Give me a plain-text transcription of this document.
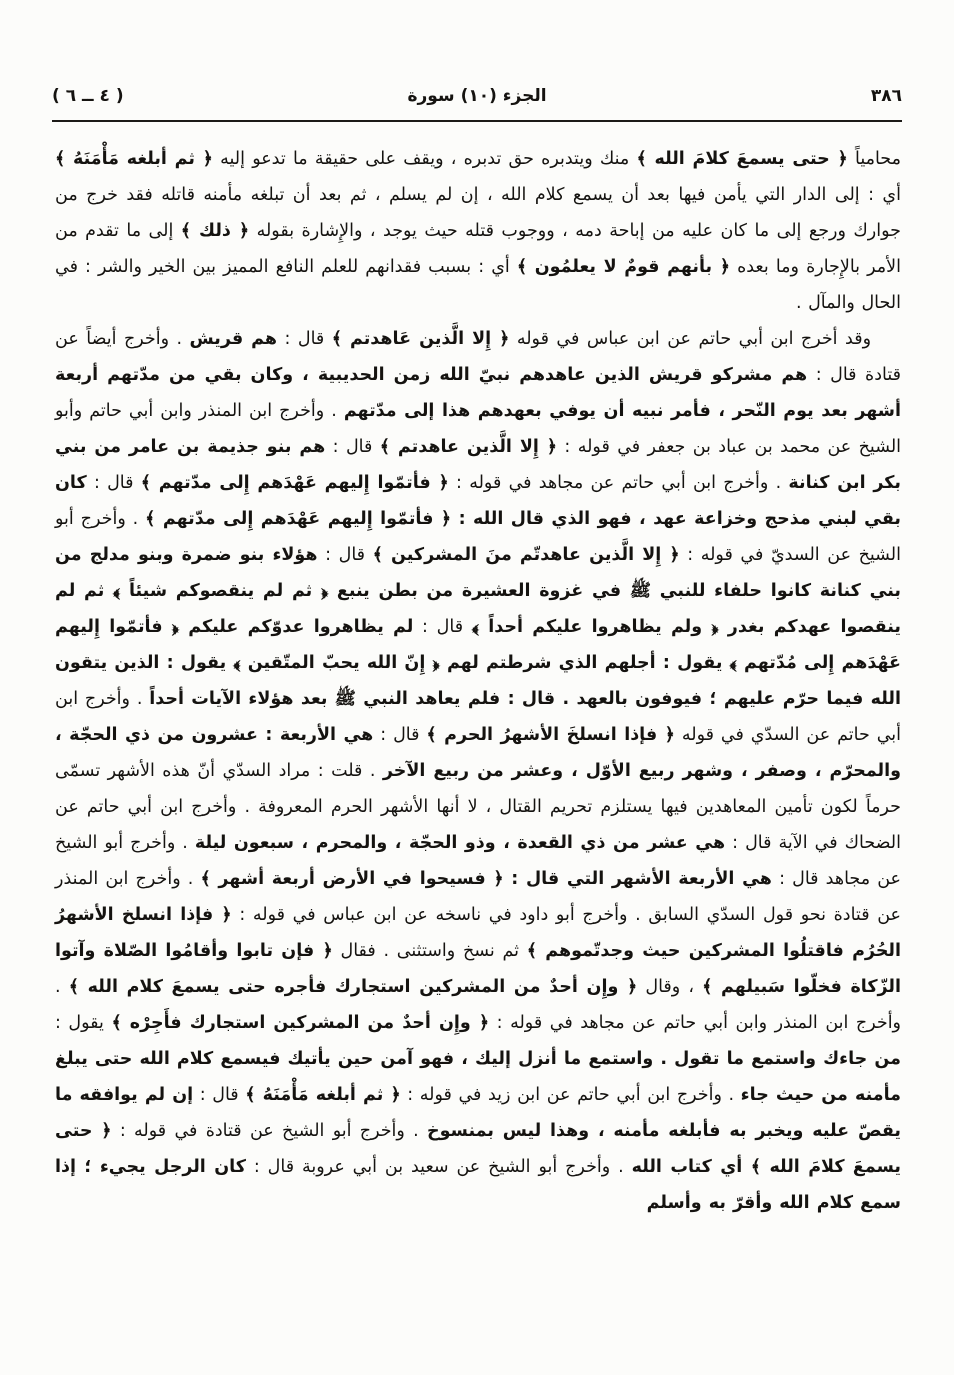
الجزء (١٠) سورة	٣٨٦
( ٦ ــ ٤ )

محامياً ﴿ حتى يسمعَ كلامَ الله ﴾ منك ويتدبره حق تدبره ، ويقف على حقيقة ما تدعو إليه ﴿ ثم أبلغه مَأْمَنَهُ ﴾ أي : إلى الدار التي يأمن فيها بعد أن يسمع كلام الله ، إن لم يسلم ، ثم بعد أن تبلغه مأمنه قاتله فقد خرج من جوارك ورجع إلى ما كان عليه من إباحة دمه ، ووجوب قتله حيث يوجد ، والإِشارة بقوله ﴿ ذلك ﴾ إلى ما تقدم من الأمر بالإِجارة وما بعده ﴿ بأنهم قومٌ لا يعلمُون ﴾ أي : بسبب فقدانهم للعلم النافع المميز بين الخير والشر : في الحال والمآل .

وقد أخرج ابن أبي حاتم عن ابن عباس في قوله ﴿ إِلا الَّذين عَاهدتم ﴾ قال : هم قريش . وأخرج أيضاً عن قتادة قال : هم مشركو قريش الذين عاهدهم نبيّ الله زمن الحديبية ، وكان بقي من مدّتهم أربعة أشهر بعد يوم النّحر ، فأمر نبيه أن يوفي بعهدهم هذا إلى مدّتهم . وأخرج ابن المنذر وابن أبي حاتم وأبو الشيخ عن محمد بن عباد بن جعفر في قوله : ﴿ إِلا الَّذين عاهدتم ﴾ قال : هم بنو جذيمة بن عامر من بني بكر ابن كنانة . وأخرج ابن أبي حاتم عن مجاهد في قوله : ﴿ فأتمّوا إِليهم عَهْدَهم إِلى مدّتهم ﴾ قال : كان بقي لبني مذحج وخزاعة عهد ، فهو الذي قال الله : ﴿ فأتمّوا إِليهم عَهْدَهم إِلى مدّتهم ﴾ . وأخرج أبو الشيخ عن السديّ في قوله : ﴿ إِلا الَّذين عاهدتّم منَ المشركين ﴾ قال : هؤلاء بنو ضمرة وبنو مدلج من بني كنانة كانوا حلفاء للنبي ﷺ في غزوة العشيرة من بطن ينبع ﴿ ثم لم ينقصوكم شيئاً ﴾ ثم لم ينقصوا عهدكم بغدر ﴿ ولم يظاهروا عليكم أحداً ﴾ قال : لم يظاهروا عدوّكم عليكم ﴿ فأتمّوا إِليهم عَهْدَهم إِلى مُدّتهم ﴾ يقول : أجلهم الذي شرطتم لهم ﴿ إِنّ الله يحبّ المتّقين ﴾ يقول : الذين يتقون الله فيما حرّم عليهم ؛ فيوفون بالعهد . قال : فلم يعاهد النبي ﷺ بعد هؤلاء الآيات أحداً . وأخرج ابن أبي حاتم عن السدّي في قوله ﴿ فإذا انسلخَ الأشهرُ الحرم ﴾ قال : هي الأربعة : عشرون من ذي الحجّة ، والمحرّم ، وصفر ، وشهر ربيع الأوّل ، وعشر من ربيع الآخر . قلت : مراد السدّي أنّ هذه الأشهر تسمّى حرماً لكون تأمين المعاهدين فيها يستلزم تحريم القتال ، لا أنها الأشهر الحرم المعروفة . وأخرج ابن أبي حاتم عن الضحاك في الآية قال : هي عشر من ذي القعدة ، وذو الحجّة ، والمحرم ، سبعون ليلة . وأخرج أبو الشيخ عن مجاهد قال : هي الأربعة الأشهر التي قال : ﴿ فسيحوا في الأرض أربعة أشهر ﴾ . وأخرج ابن المنذر عن قتادة نحو قول السدّي السابق . وأخرج أبو داود في ناسخه عن ابن عباس في قوله : ﴿ فإذا انسلخ الأشهرُ الحُرُم فاقتلُوا المشركين حيث وجدتّموهم ﴾ ثم نسخ واستثنى . فقال ﴿ فإن تابوا وأقامُوا الصّلاة وآتوا الزّكاة فخلّوا سَبيلهم ﴾ ، وقال ﴿ وإِن أحدٌ من المشركين استجارك فأجره حتى يسمعَ كلام الله ﴾ . وأخرج ابن المنذر وابن أبي حاتم عن مجاهد في قوله : ﴿ وإِن أحدٌ من المشركين استجارك فأَجِرْه ﴾ يقول : من جاءك واستمع ما تقول . واستمع ما أنزل إليك ، فهو آمن حين يأتيك فيسمع كلام الله حتى يبلغ مأمنه من حيث جاء . وأخرج ابن أبي حاتم عن ابن زيد في قوله : ﴿ ثم أبلغه مَأْمَنَهُ ﴾ قال : إن لم يوافقه ما يقصّ عليه ويخبر به فأبلغه مأمنه ، وهذا ليس بمنسوخ . وأخرج أبو الشيخ عن قتادة في قوله : ﴿ حتى يسمعَ كلامَ الله ﴾ أي كتاب الله . وأخرج أبو الشيخ عن سعيد بن أبي عروبة قال : كان الرجل يجيء ؛ إذا سمع كلام الله وأقرّ به وأسلم
